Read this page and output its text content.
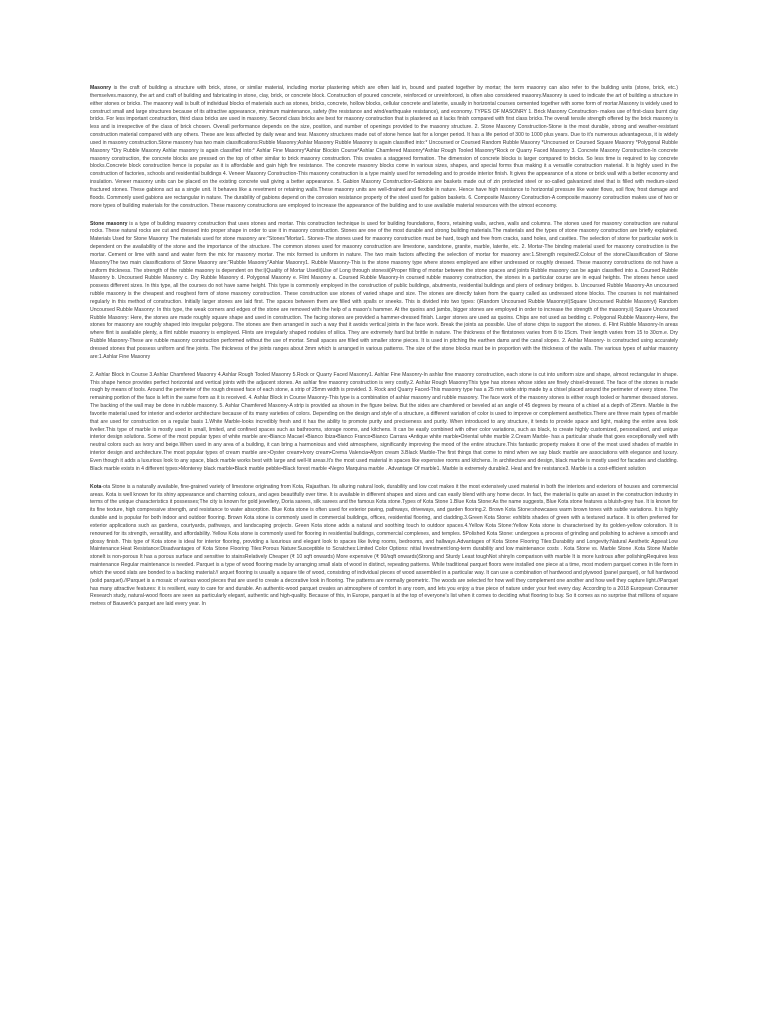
Masonry is the craft of building a structure with brick, stone, or similar material, including mortar plastering which are often laid in, bound and pasted together by mortar; the term masonry can also refer to the building units (stone, brick, etc.) themselves.masonry, the art and craft of building and fabricating in stone, clay, brick, or concrete block. Construction of poured concrete, reinforced or unreinforced, is often also considered masonry.Masonry is used to indicate the art of building a structure in either stones or bricks. The masonry wall is built of individual blocks of materials such as stones, bricks, concrete, hollow blocks, cellular concrete and laterite, usually in horizontal courses cemented together with some form of mortar.Masonry is widely used to construct small and large structures because of its attractive appearance, minimum maintenance, safety (fire resistance and wind/earthquake resistance), and economy. TYPES OF MASONRY 1. Brick Masonry Construction- makes use of first-class burnt clay bricks. For less important construction, third class bricks are used in masonry. Second class bricks are best for masonry construction that is plastered as it lacks finish compared with first class bricks.The overall tensile strength offered by the brick masonry is less and is irrespective of the class of brick chosen. Overall performance depends on the size, position, and number of openings provided to the masonry structure. 2. Stone Masonry Construction-Stone is the most durable, strong and weather-resistant construction material compared with any others. These are less affected by daily wear and tear. Masonry structures made out of stone hence last for a longer period. It has a life period of 300 to 1000 plus years. Due to it's numerous advantageous, it is widely used in masonry construction.Stone masonry has two main classifications:Rubble Masonry;Ashlar Masonry Rubble Masonry is again classified into:* Uncoursed or Coursed Random Rubble Masonry *Uncoursed or Coursed Square Masonry *Polygonal Rubble Masonry *Dry Rubble Masonry Ashlar masonry is again classified into:* Ashlar Fine Masonry*Ashlar Blockin Course*Ashlar Chamfered Masonry*Ashlar Rough Tooled Masonry*Rock or Quarry Faced Masonry 3. Concrete Masonry Construction-In concrete masonry construction, the concrete blocks are pressed on the top of other similar to brick masonry construction. This creates a staggered formation. The dimension of concrete blocks is larger compared to bricks. So less time is required to lay concrete blocks.Concrete block construction hence is popular as it is affordable and gain high fire resistance. The concrete masonry blocks come in various sizes, shapes, and special forms thus making it a versatile construction material. It is highly used in the construction of factories, schools and residential buildings 4. Veneer Masonry Construction-This masonry construction is a type mainly used for remodeling and to provide interior finish. It gives the appearance of a stone or brick wall with a better economy and insulation. Veneer masonry units can be placed on the existing concrete wall giving a better appearance. 5. Gabion Masonry Construction-Gabions are baskets made out of zin protected steel or so-called galvanized steel that is filled with medium-sized fractured stones. These gabions act as a single unit. It behaves like a revetment or retaining walls.These masonry units are well-drained and flexible in nature. Hence have high resistance to horizontal pressure like water flows, soil flow, frost damage and floods. Commonly used gabions are rectangular in nature. The durability of gabions depend on the corrosion resistance property of the steel used for gabion baskets. 6. Composite Masonry Construction-A composite masonry construction makes use of two or more types of building materials for the construction. These masonry constructions are employed to increase the appearance of the building and to use available material resources with the utmost economy.

Stone masonry is a type of building masonry construction that uses stones and mortar. This construction technique is used for building foundations, floors, retaining walls, arches, walls and columns. The stones used for masonry construction are natural rocks. These natural rocks are cut and dressed into proper shape in order to use it in masonry construction. Stones are one of the most durable and strong building materials.The materials and the types of stone masonry construction are briefly explained. Materials Used for Stone Masonry The materials used for stone masonry are:"Stones"Mortar1. Stones-The stones used for masonry construction must be hard, tough and free from cracks, sand holes, and cavities. The selection of stone for particular work is dependent on the availability of the stone and the importance of the structure. The common stones used for masonry construction are limestone, sandstone, granite, marble, laterite, etc. 2. Mortar-The binding material used for masonry construction is the mortar. Cement or lime with sand and water form the mix for masonry mortar. The mix formed is uniform in nature. The two main factors affecting the selection of mortar for masonry are:1.Strength required2.Colour of the stoneClassification of Stone MasonryThe two main classifications of Stone Masonry are:"Rubble Masonry"Ashlar Masonry1. Rubble Masonry-This is the stone masonry type where stones employed are either undressed or roughly dressed. These masonry constructions do not have a uniform thickness. The strength of the rubble masonry is dependent on the:i)Quality of Mortar Usedii)Use of Long through stonesiii)Proper filling of mortar between the stone spaces and joints Rubble masonry can be again classified into a. Coursed Rubble Masonry b. Uncoursed Rubble Masonry c. Dry Rubble Masonry d. Polygonal Masonry e. Flint Masonry a. Coursed Rubble Masonry-In coursed rubble masonry construction, the stones in a particular course are in equal heights. The stones hence used possess different sizes. In this type, all the courses do not have same height. This type is commonly employed in the construction of public buildings, abutments, residential buildings and piers of ordinary bridges. b. Uncoursed Rubble Masonry-An uncoursed rubble masonry is the cheapest and roughest form of stone masonry construction. These construction use stones of varied shape and size. The stones are directly taken from the quarry called as undressed stone blocks. The courses is not maintained regularly in this method of construction. Initially larger stones are laid first. The spaces between them are filled with spalls or sneeks. This is divided into two types: i)Random Uncoursed Rubble Masonryii)Square Uncoursed Rubble Masonryi) Random Uncoursed Rubble Masonry: In this type, the weak corners and edges of the stone are removed with the help of a mason's hammer. At the quoins and jambs, bigger stones are employed in order to increase the strength of the masonry.ii) Square Uncoursed Rubble Masonry: Here, the stones are made roughly square shape and used in construction. The facing stones are provided a hammer-dressed finish. Larger stones are used as quoins. Chips are not used as bedding c. Polygonal Rubble Masonry-Here, the stones for masonry are roughly shaped into irregular polygons. The stones are then arranged in such a way that it avoids vertical joints in the face work. Break the joints as possible. Use of stone chips to support the stones. d. Flint Rubble Masonry-In areas where flint is available plenty, a flint rubble masonry is employed. Flints are irregularly shaped nodules of silica. They are extremely hard but brittle in nature. The thickness of the flintstones varies from 8 to 15cm. Their length varies from 15 to 30cm.e. Dry Rubble Masonry-These are rubble masonry construction performed without the use of mortar. Small spaces are filled with smaller stone pieces. It is used in pitching the earthen dams and the canal slopes. 2. Ashlar Masonry- is constructed using accurately dressed stones that possess uniform and fine joints. The thickness of the joints ranges about 3mm which is arranged in various patterns. The size of the stone blocks must be in proportion with the thickness of the walls. The various types of ashlar masonry are:1.Ashlar Fine Masonry

2. Ashlar Block in Course 3.Ashlar Chamfered Masonry 4.Ashlar Rough Tooled Masonry 5.Rock or Quarry Faced Masonry1. Ashlar Fine Masonry-In ashlar fine masonry construction, each stone is cut into uniform size and shape, almost rectangular in shape. This shape hence provides perfect horizontal and vertical joints with the adjacent stones. An ashlar fine masonry construction is very costly.2. Ashlar Rough MasonryThis type has stones whose sides are finely chisel-dressed. The face of the stones is made rough by means of tools. Around the perimeter of the rough dressed face of each stone, a strip of 25mm width is provided. 3. Rock and Quarry Faced-This masonry type has a 25 mm wide strip made by a chisel placed around the perimeter of every stone. The remaining portion of the face is left in the same form as it is received. 4. Ashlar Block in Course Masonry-This type is a combination of ashlar masonry and rubble masonry. The face work of the masonry stones is either rough tooled or hammer dressed stones. The backing of the wall may be done in rubble masonry. 5. Ashlar Chamfered Masonry-A strip is provided as shown in the figure below. But the sides are chamfered or beveled at an angle of 45 degrees by means of a chisel at a depth of 25mm. Marble is the favorite material used for interior and exterior architecture because of its many varieties of colors. Depending on the design and style of a structure, a different variation of color is used to improve or complement aesthetics.There are three main types of marble that are used for construction on a regular basis 1.White Marble-looks incredibly fresh and it has the ability to promote purity and preciseness and purity. When introduced to any structure, it tends to provide space and light, making the entire area look livelier.This type of marble is mostly used in small, limited, and confined spaces such as bathrooms, storage rooms, and kitchens. It can be easily combined with other color variations, such as black, to create highly customized, personalized, and unique interior design solutions. Some of the most popular types of white marble are:•Bianco Macael •Bianco Ibiza•Bianco Franco•Bianco Carrara •Antique white marble•Oriental white marble 2.Cream Marble- has a particular shade that goes exceptionally well with neutral colors such as ivory and beige.When used in any area of a building, it can bring a harmonious and vivid atmosphere, significantly improving the mood of the entire structure.This fantastic property makes it one of the most used shades of marble in interior design and architecture.The most popular types of cream marble are:•Oyster cream•Ivory cream•Crema Valencia•Afyon cream 3.Black Marble-The first things that come to mind when we say black marble are associations with elegance and luxury. Even though it adds a luxurious look to any space, black marble works best with large and well-lit areas.It's the most used material in spaces like expensive rooms and kitchens. In architecture and design, black marble is mostly used for facades and cladding. Black marble exists in 4 different types:•Monterey black marble•Black marble pebble•Black forest marble •Negro Marquina marble . Advantage Of marble1. Marble is extremely durable2. Heat and fire resistance3. Marble is a cost-efficient solution

Kota-ota Stone is a naturally available, fine-grained variety of limestone originating from Kota, Rajasthan. Its alluring natural look, durability and low cost makes it the most extensively used material in both the interiors and exteriors of houses and commercial areas. Kota is well known for its shiny appearance and charming colours, and ages beautifully over time. It is available in different shapes and sizes and can easily blend with any home decor. In fact, the material is quite an asset in the construction industry in terms of the unique characteristics it possesses;The city is known for gold jewellery, Doria sarees, silk sarees and the famous Kota stone.Types of Kota Stone 1.Blue Kota Stone:As the name suggests, Blue Kota stone features a bluish-grey hue. It is known for its fine texture, high compressive strength, and resistance to water absorption. Blue Kota stone is often used for exterior paving, pathways, driveways, and garden flooring.2. Brown Kota Stone:showcases warm brown tones with subtle variations. It is highly durable and is popular for both indoor and outdoor flooring. Brown Kota stone is commonly used in commercial buildings, offices, residential flooring, and cladding.3.Green Kota Stone: exhibits shades of green with a textured surface. It is often preferred for exterior applications such as gardens, courtyards, pathways, and landscaping projects. Green Kota stone adds a natural and soothing touch to outdoor spaces.4.Yellow Kota Stone:Yellow Kota stone is characterised by its golden-yellow coloration. It is renowned for its strength, versatility, and affordability. Yellow Kota stone is commonly used for flooring in residential buildings, commercial complexes, and temples. 5Polished Kota Stone: undergoes a process of grinding and polishing to achieve a smooth and glossy finish. This type of Kota stone is ideal for interior flooring, providing a luxurious and elegant look to spaces like living rooms, bedrooms, and hallways.Advantages of Kota Stone Flooring Tiles:Durability and Longevity:Natural Aesthetic Appeal:Low Maintenance:Heat Resistance:Disadvantages of Kota Stone Flooring Tiles:Porous Nature:Susceptible to Scratches:Limited Color Options: nitial Investment:long-term durability and low maintenance costs . Kota Stone vs. Marble Stone .Kota Stone Marble stoneIt is non-porous It has a porous surface and sensitive to stainsRelatively Cheaper (₹ 10 sqft onwards) More expensive (₹ 90/sqft onwards)Strong and Sturdy Least toughNot shinyIn comparison with marble It is more lustrous after polishingRequires less maintenance Regular maintenance is needed. Parquet is a type of wood flooring made by arranging small slats of wood in distinct, repeating patterns. While traditional parquet floors were installed one piece at a time, most modern parquet comes in tile form in which the wood slats are bonded to a backing material:// arquet flooring is usually a square tile of wood, consisting of individual pieces of wood assembled in a particular way. It can use a combination of hardwood and plywood (panel parquet), or full hardwood (solid parquet).//Parquet is a mosaic of various wood pieces that are used to create a decorative look in flooring. The patterns are normally geometric. The woods are selected for how well they complement one another and how well they capture light.//Parquet has many attractive features: it is resilient, easy to care for and durable. An authentic-wood parquet creates an atmosphere of comfort in any room, and lets you enjoy a true piece of nature under your feet every day. According to a 2018 European Consumer Research study, natural-wood floors are seen as particularly elegant, authentic and high-quality. Because of this, in Europe, parquet is at the top of everyone's list when it comes to deciding what flooring to buy. So it comes as no surprise that millions of square metres of Bauwerk's parquet are laid every year. In
